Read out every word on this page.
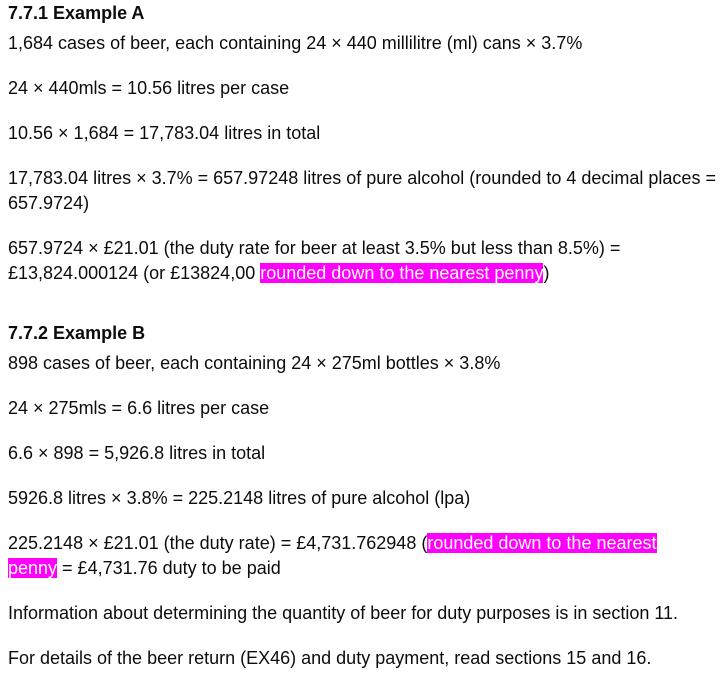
7.7.1 Example A

1,684 cases of beer, each containing 24 × 440 millilitre (ml) cans × 3.7%

24 × 440mls = 10.56 litres per case

10.56 × 1,684 = 17,783.04 litres in total

17,783.04 litres × 3.7% = 657.97248 litres of pure alcohol (rounded to 4 decimal places = 657.9724)

657.9724 × £21.01 (the duty rate for beer at least 3.5% but less than 8.5%) = £13,824.000124 (or £13824,00 rounded down to the nearest penny)

7.7.2 Example B

898 cases of beer, each containing 24 × 275ml bottles × 3.8%

24 × 275mls = 6.6 litres per case

6.6 × 898 = 5,926.8 litres in total

5926.8 litres × 3.8% = 225.2148 litres of pure alcohol (lpa)

225.2148 × £21.01 (the duty rate) = £4,731.762948 (rounded down to the nearest penny = £4,731.76 duty to be paid

Information about determining the quantity of beer for duty purposes is in section 11.

For details of the beer return (EX46) and duty payment, read sections 15 and 16.
